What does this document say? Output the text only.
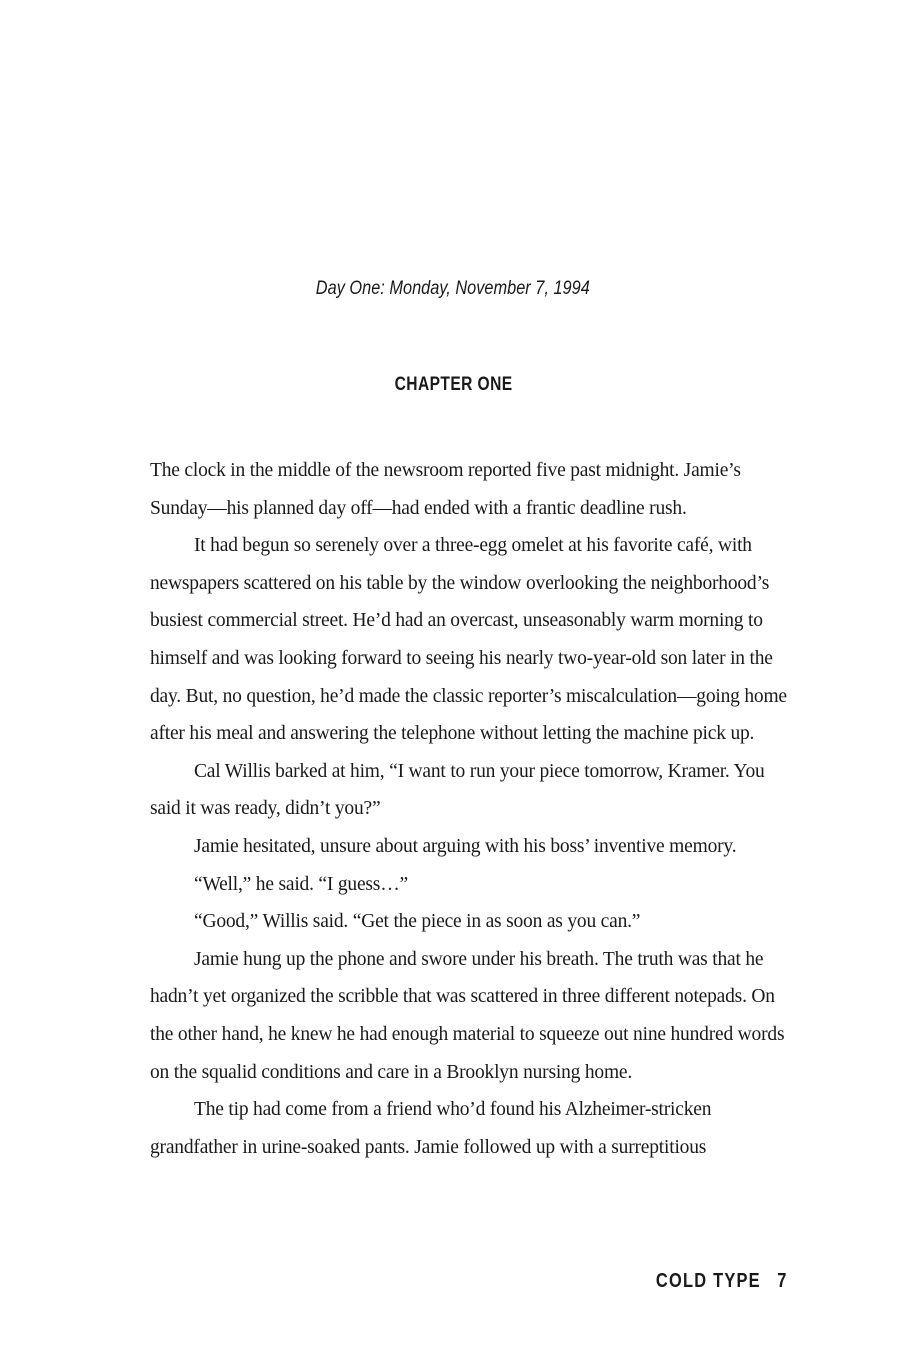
Day One: Monday, November 7, 1994
CHAPTER ONE

The clock in the middle of the newsroom reported five past midnight. Jamie’s Sunday—his planned day off—had ended with a frantic deadline rush.

It had begun so serenely over a three-egg omelet at his favorite café, with newspapers scattered on his table by the window overlooking the neighborhood’s busiest commercial street. He’d had an overcast, unseasonably warm morning to himself and was looking forward to seeing his nearly two-year-old son later in the day. But, no question, he’d made the classic reporter’s miscalculation—going home after his meal and answering the telephone without letting the machine pick up.

Cal Willis barked at him, “I want to run your piece tomorrow, Kramer. You said it was ready, didn’t you?”

Jamie hesitated, unsure about arguing with his boss’ inventive memory.

“Well,” he said. “I guess…”

“Good,” Willis said. “Get the piece in as soon as you can.”

Jamie hung up the phone and swore under his breath. The truth was that he hadn’t yet organized the scribble that was scattered in three different notepads. On the other hand, he knew he had enough material to squeeze out nine hundred words on the squalid conditions and care in a Brooklyn nursing home.

The tip had come from a friend who’d found his Alzheimer-stricken grandfather in urine-soaked pants. Jamie followed up with a surreptitious

COLD TYPE 7
